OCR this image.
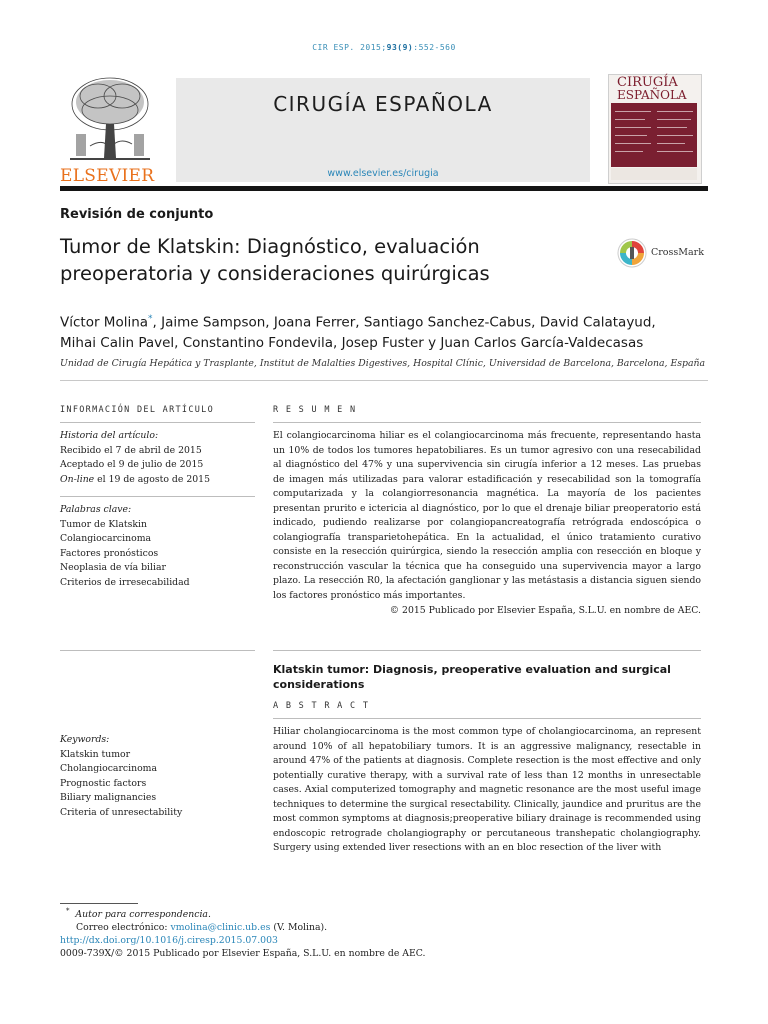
CIR ESP. 2015;93(9):552-560
ELSEVIER
CIRUGÍA ESPAÑOLA
www.elsevier.es/cirugia
CIRUGÍA
ESPAÑOLA
Revisión de conjunto
Tumor de Klatskin: Diagnóstico, evaluación preoperatoria y consideraciones quirúrgicas
CrossMark
Víctor Molina*, Jaime Sampson, Joana Ferrer, Santiago Sanchez-Cabus, David Calatayud,
Mihai Calin Pavel, Constantino Fondevila, Josep Fuster y Juan Carlos García-Valdecasas
Unidad de Cirugía Hepática y Trasplante, Institut de Malalties Digestives, Hospital Clínic, Universidad de Barcelona, Barcelona, España
INFORMACIÓN DEL ARTÍCULO
Historia del artículo:
Recibido el 7 de abril de 2015
Aceptado el 9 de julio de 2015
On-line el 19 de agosto de 2015
Palabras clave:
Tumor de Klatskin
Colangiocarcinoma
Factores pronósticos
Neoplasia de vía biliar
Criterios de irresecabilidad
Keywords:
Klatskin tumor
Cholangiocarcinoma
Prognostic factors
Biliary malignancies
Criteria of unresectability
R E S U M E N

El colangiocarcinoma hiliar es el colangiocarcinoma más frecuente, representando hasta un 10% de todos los tumores hepatobiliares. Es un tumor agresivo con una resecabilidad al diagnóstico del 47% y una supervivencia sin cirugía inferior a 12 meses. Las pruebas de imagen más utilizadas para valorar estadificación y resecabilidad son la tomografía computarizada y la colangiorresonancia magnética. La mayoría de los pacientes presentan prurito e ictericia al diagnóstico, por lo que el drenaje biliar preoperatorio está indicado, pudiendo realizarse por colangiopancreatografía retrógrada endoscópica o colangiografía transparietohepática. En la actualidad, el único tratamiento curativo consiste en la resección quirúrgica, siendo la resección amplia con resección en bloque y reconstrucción vascular la técnica que ha conseguido una supervivencia mayor a largo plazo. La resección R0, la afectación ganglionar y las metástasis a distancia siguen siendo los factores pronóstico más importantes.

© 2015 Publicado por Elsevier España, S.L.U. en nombre de AEC.
Klatskin tumor: Diagnosis, preoperative evaluation and surgical considerations
A B S T R A C T

Hiliar cholangiocarcinoma is the most common type of cholangiocarcinoma, an represent around 10% of all hepatobiliary tumors. It is an aggressive malignancy, resectable in around 47% of the patients at diagnosis. Complete resection is the most effective and only potentially curative therapy, with a survival rate of less than 12 months in unresectable cases. Axial computerized tomography and magnetic resonance are the most useful image techniques to determine the surgical resectability. Clinically, jaundice and pruritus are the most common symptoms at diagnosis;preoperative biliary drainage is recommended using endoscopic retrograde cholangiography or percutaneous transhepatic cholangiography. Surgery using extended liver resections with an en bloc resection of the liver with

* Autor para correspondencia.
Correo electrónico: vmolina@clinic.ub.es (V. Molina).
http://dx.doi.org/10.1016/j.ciresp.2015.07.003
0009-739X/© 2015 Publicado por Elsevier España, S.L.U. en nombre de AEC.
